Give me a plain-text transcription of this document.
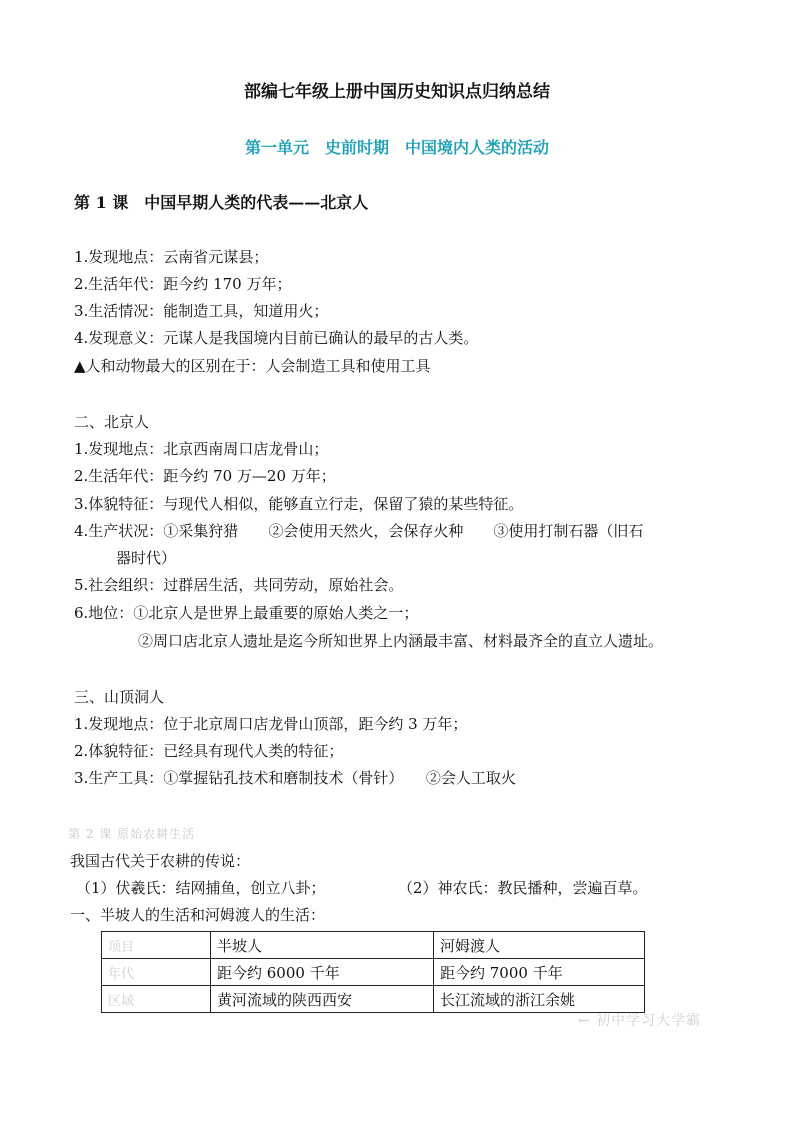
部编七年级上册中国历史知识点归纳总结
第一单元　史前时期　中国境内人类的活动
第 1 课　中国早期人类的代表——北京人
1.发现地点：云南省元谋县；
2.生活年代：距今约 170 万年；
3.生活情况：能制造工具，知道用火；
4.发现意义：元谋人是我国境内目前已确认的最早的古人类。
▲人和动物最大的区别在于：人会制造工具和使用工具
二、北京人
1.发现地点：北京西南周口店龙骨山；
2.生活年代：距今约 70 万—20 万年；
3.体貌特征：与现代人相似，能够直立行走，保留了猿的某些特征。
4.生产状况：①采集狩猎　　②会使用天然火，会保存火种　　③使用打制石器（旧石
器时代）
5.社会组织：过群居生活，共同劳动，原始社会。
6.地位：①北京人是世界上最重要的原始人类之一；
②周口店北京人遗址是迄今所知世界上内涵最丰富、材料最齐全的直立人遗址。
三、山顶洞人
1.发现地点：位于北京周口店龙骨山顶部，距今约 3 万年；
2.体貌特征：已经具有现代人类的特征；
3.生产工具：①掌握钻孔技术和磨制技术（骨针）　　②会人工取火
第 2 课 原始农耕生活
我国古代关于农耕的传说：
（1）伏羲氏：结网捕鱼，创立八卦；	（2）神农氏：教民播种，尝遍百草。
一、半坡人的生活和河姆渡人的生活：
项目	半坡人	河姆渡人
年代	距今约 6000 千年	距今约 7000 千年
区域	黄河流域的陕西西安	长江流域的浙江余姚
← 初中学习大学霸
